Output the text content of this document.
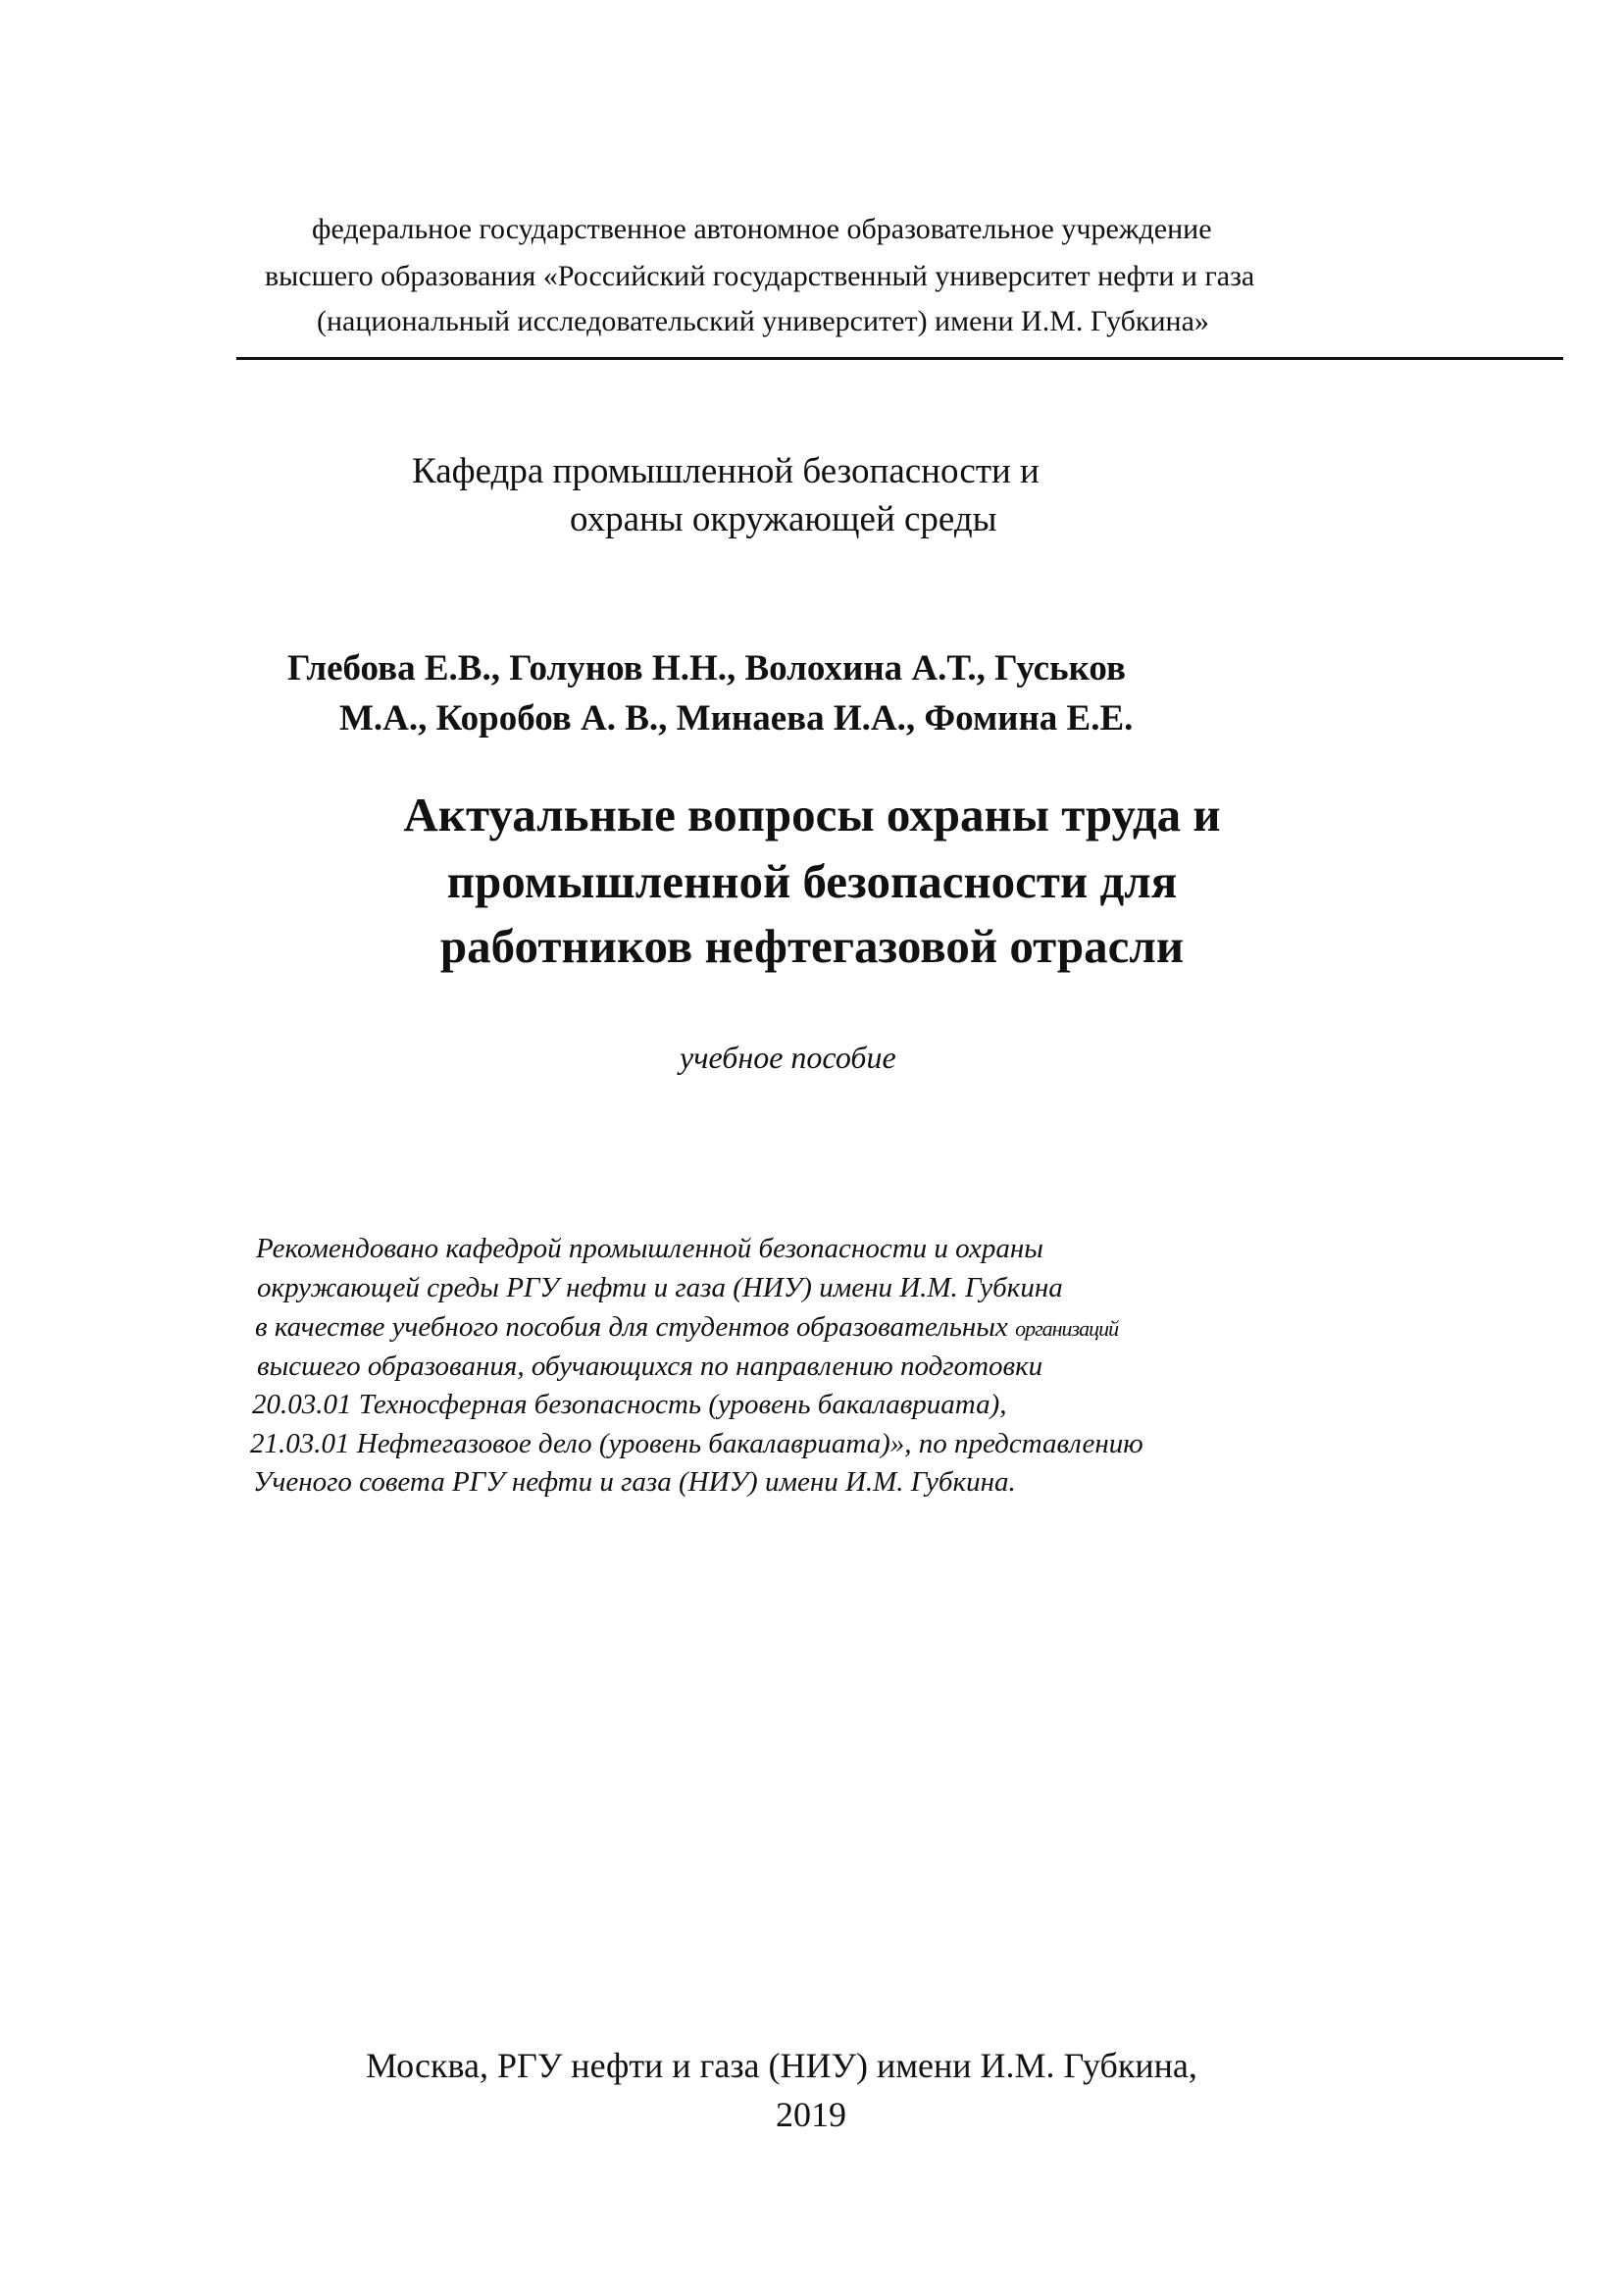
федеральное государственное автономное образовательное учреждение
высшего образования «Российский государственный университет нефти и газа
(национальный исследовательский университет) имени И.М. Губкина»
Кафедра промышленной безопасности и
охраны окружающей среды
Глебова Е.В., Голунов Н.Н., Волохина А.Т., Гуськов
М.А., Коробов А. В., Минаева И.А., Фомина Е.Е.
Актуальные вопросы охраны труда и
промышленной безопасности для
работников нефтегазовой отрасли
учебное пособие
Рекомендовано кафедрой промышленной безопасности и охраны
окружающей среды РГУ нефти и газа (НИУ) имени И.М. Губкина
в качестве учебного пособия для студентов образовательных организаций
высшего образования, обучающихся по направлению подготовки
20.03.01 Техносферная безопасность (уровень бакалавриата),
21.03.01 Нефтегазовое дело (уровень бакалавриата)», по представлению
Ученого совета РГУ нефти и газа (НИУ) имени И.М. Губкина.
Москва, РГУ нефти и газа (НИУ) имени И.М. Губкина,
2019
